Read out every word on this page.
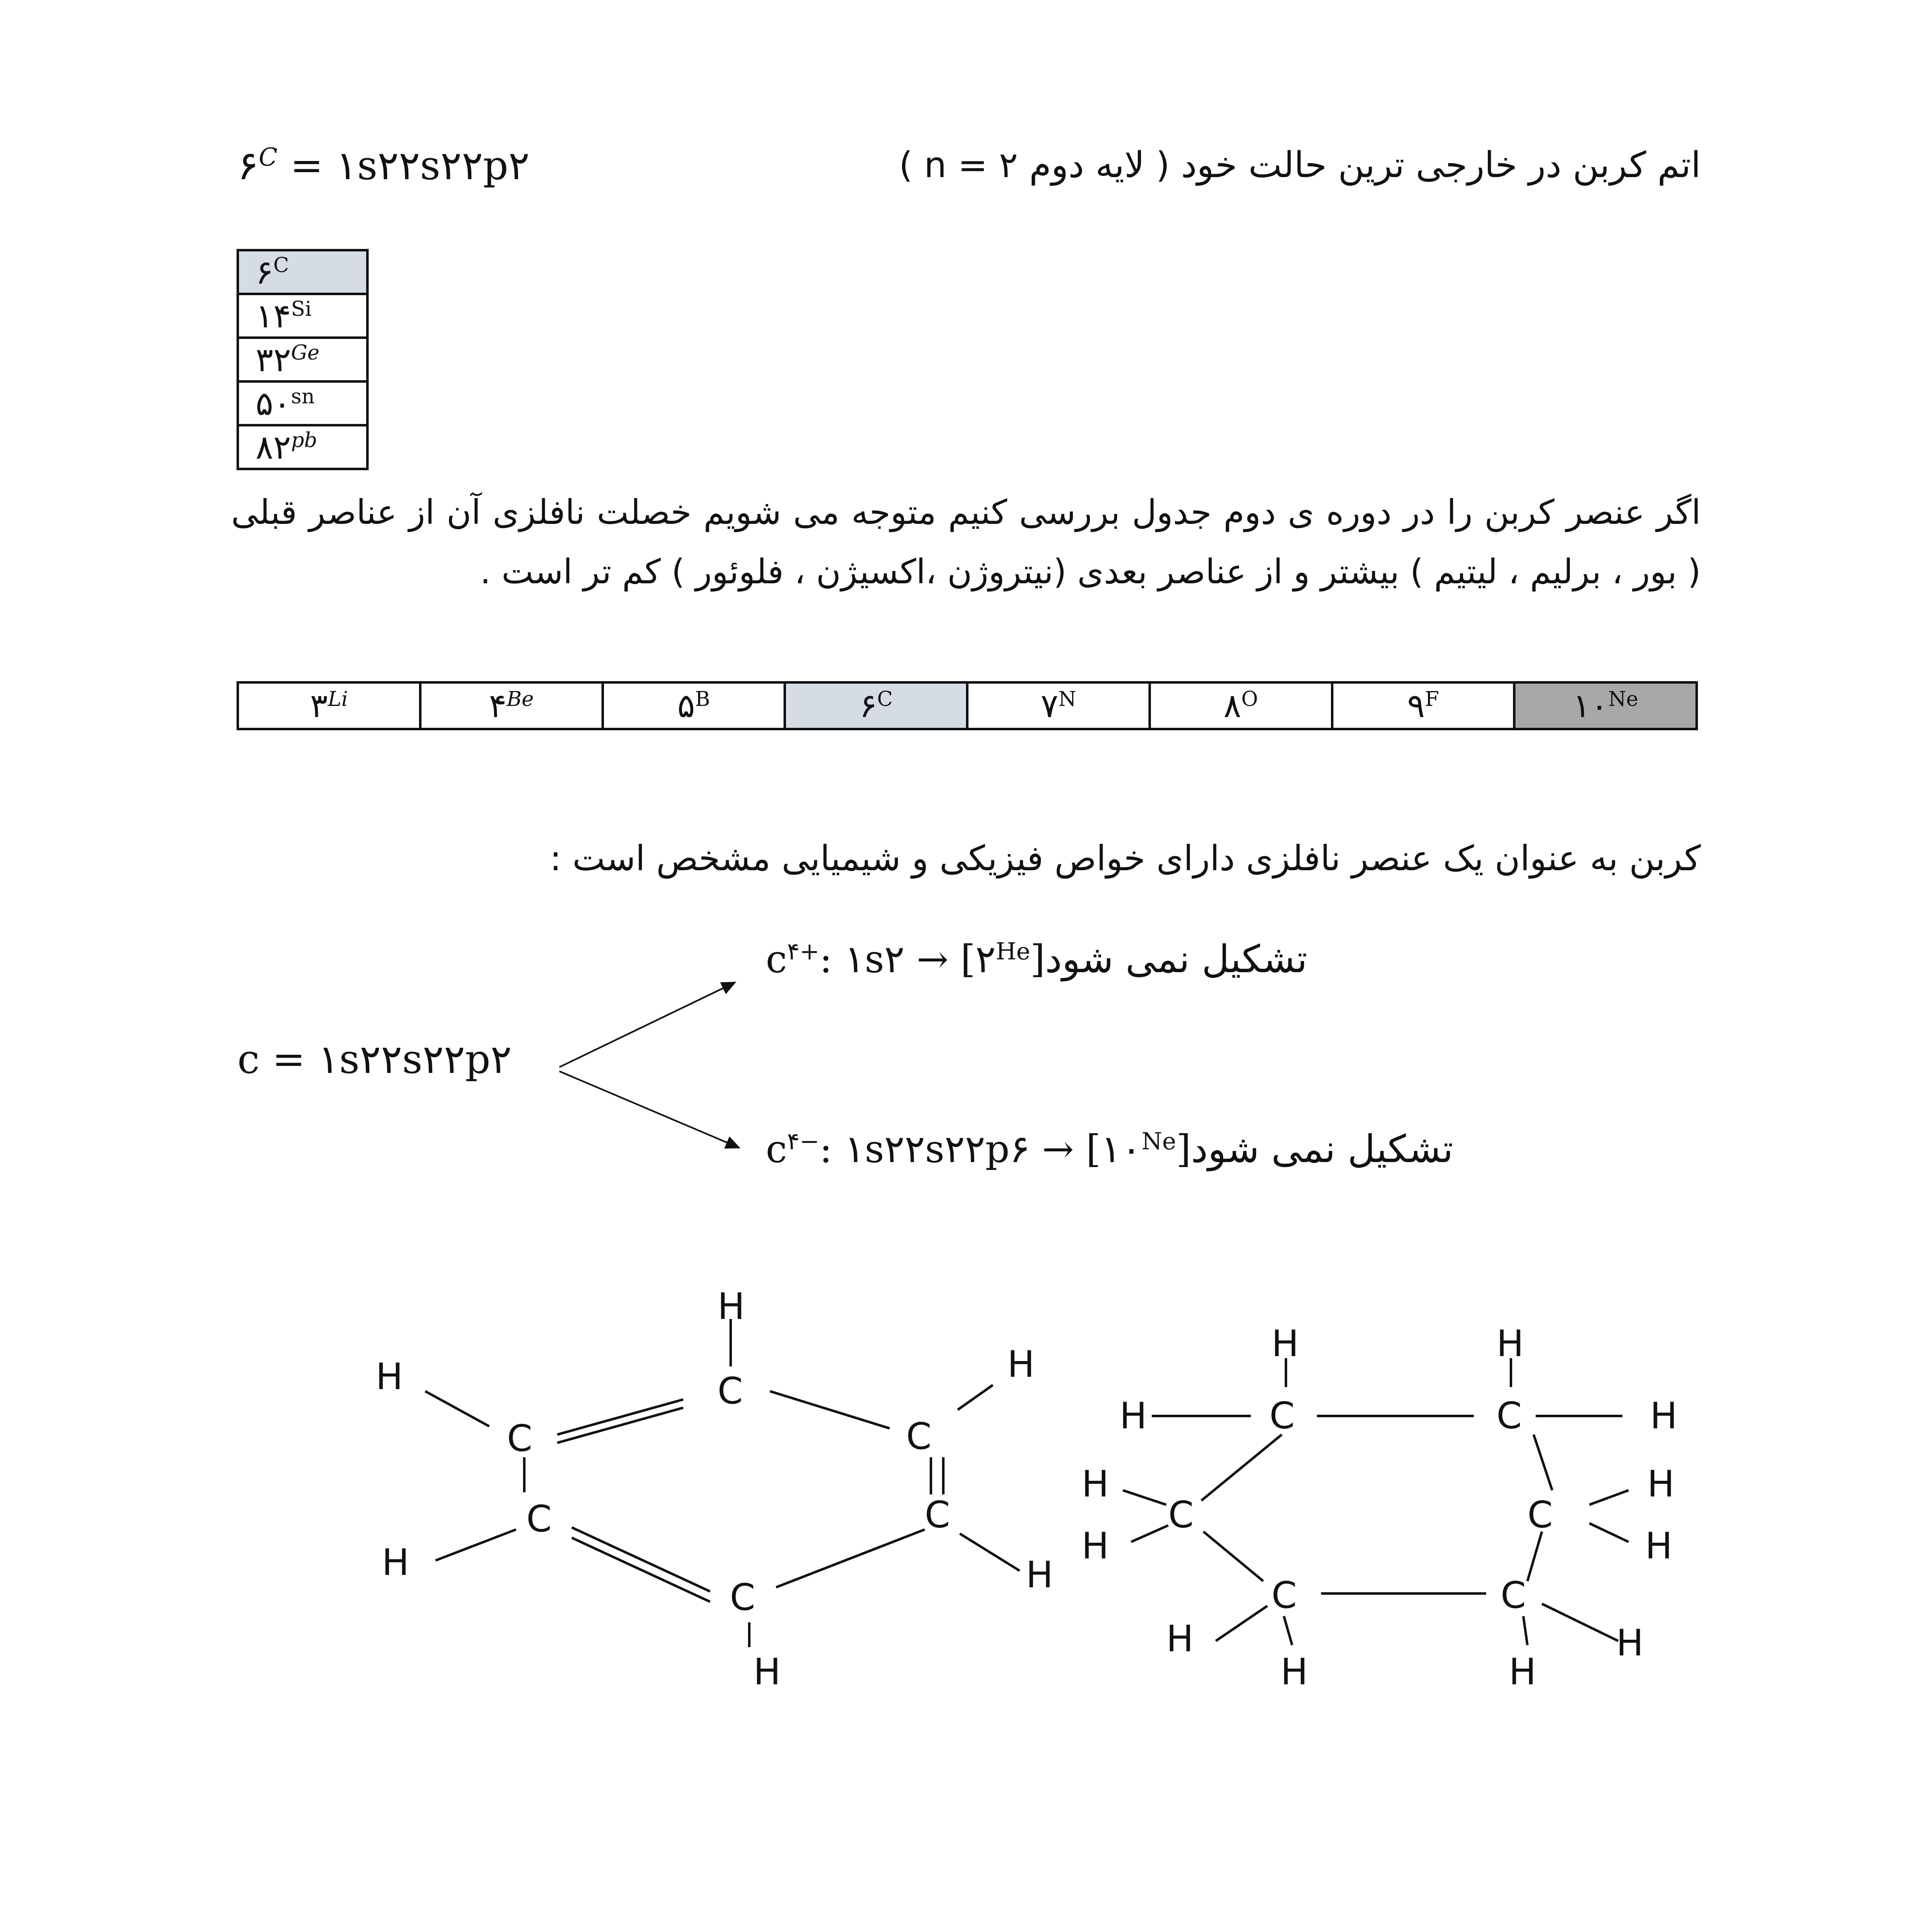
اتم کربن در خارجی ترین حالت خود ( لایه دوم ۲ = n )
$۶^C$ = ۱s۲۲s۲۲p۲
$۶^C$
$۱۴^{Si}$
$۳۲^{Ge}$
$۵۰^{sn}$
$۸۲^{pb}$
اگر عنصر کربن را در دوره ی دوم جدول بررسی کنیم متوجه می شویم خصلت نافلزی آن از عناصر قبلی ( بور ، برلیم ، لیتیم ) بیشتر و از عناصر بعدی (نیتروژن ،اکسیژن ، فلوئور ) کم تر است .
$۳^{Li}$	$۴^{Be}$	$۵^B$	$۶^C$	$۷^N$	$۸^O$	$۹^F$	$۱۰^{Ne}$
کربن به عنوان یک عنصر نافلزی دارای خواص فیزیکی و شیمیایی مشخص است :
c = ۱s۲۲s۲۲p۲
$c^{۴+}$: ۱s۲ → $[۲^{He}]تشکیل$ نمی شود
$c^{۴-}$: ۱s۲۲s۲۲p۶ → $[۱۰^{Ne}]تشکیل$ نمی شود
H
C
H
C
H
C
C	C
H	H
C
H
H	H
H	C	C	H
H
C	C
H
H	H
C	C
H	H
H	H
